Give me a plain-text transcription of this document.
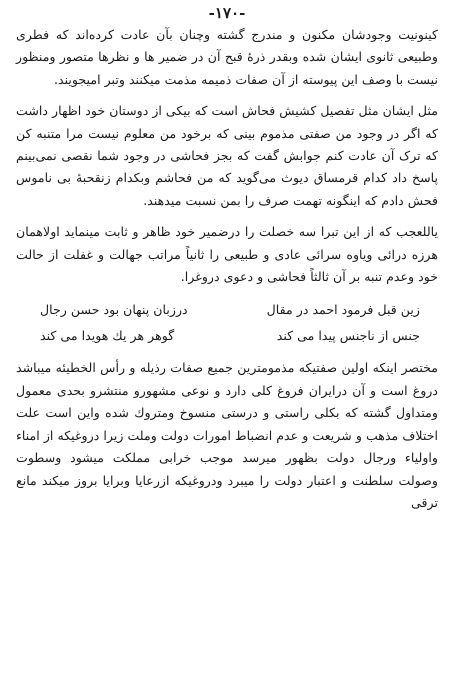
-١٧٠-

کینونیت وجودشان مکنون و مندرج گشته وچنان بآن عادت کرده‌اند که فطری وطبیعی ثانوی ایشان شده وبقدر ذرهٔ قبح آن در ضمیر ها و نظرها متصور ومنظور نیست با وصف این پیوسته از آن صفات ذمیمه مذمت میکنند وتبر امیجویند.

مثل ایشان مثل تفصیل کشیش فحاش است که بیکی از دوستان خود اظهار داشت که اگر در وجود من صفتی مذموم بینی که برخود من معلوم نیست مرا متنبه کن که ترک آن عادت کنم جوابش گفت که بجز فحاشی در وجود شما نقصی نمی‌بینم پاسخ داد کدام قرمساق دیوث می‌گوید که من فحاشم وبکدام زنقحبهٔ بی ناموس فحش دادم که اینگونه تهمت صرف را بمن نسبت میدهند.

یاللعجب که از این تبرا سه خصلت را درضمیر خود ظاهر و ثابت مینماید اولاهمان هرزه درائی ویاوه سرائی عادی و طبیعی را ثانیاً مراتب جهالت و غفلت از حالت خود وعدم تنبه بر آن ثالثاً فحاشی و دعوی دروغرا.

زین قبل فرمود احمد در مقال
درزبان پنهان بود حسن رجال
جنس از ناجنس پیدا می کند
گوهر هر یك هویدا می کند

مختصر اینکه اولین صفتیکه مذمومترین جمیع صفات رذیله و رأس الخطیئه میباشد دروغ است و آن درایران فروغ کلی دارد و نوعی مشهورو منتشرو بحدی معمول ومتداول گشته که بکلی راستی و درستی منسوخ ومتروك شده واین است علت اختلاف مذهب و شریعت و عدم انضباط امورات دولت وملت زیرا دروغیکه از امناء واولیاء ورجال دولت بظهور میرسد موجب خرابی مملکت میشود وسطوت وصولت سلطنت و اعتبار دولت را میبرد ودروغیکه ازرعایا وبرایا بروز میکند مانع ترقی
